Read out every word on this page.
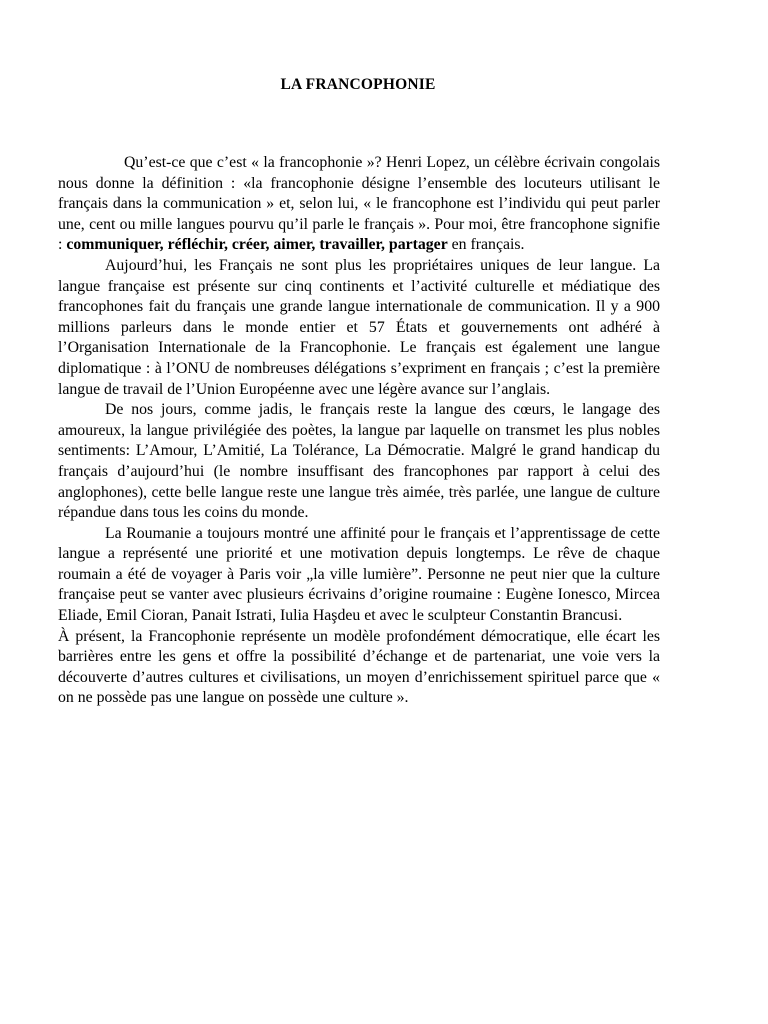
LA FRANCOPHONIE

Qu’est-ce que c’est « la francophonie »? Henri Lopez, un célèbre écrivain congolais nous donne la définition : «la francophonie désigne l’ensemble des locuteurs utilisant le français dans la communication » et, selon lui, « le francophone est l’individu qui peut parler une, cent ou mille langues pourvu qu’il parle le français ». Pour moi, être francophone signifie : communiquer, réfléchir, créer, aimer, travailler, partager en français.

Aujourd’hui, les Français ne sont plus les propriétaires uniques de leur langue. La langue française est présente sur cinq continents et l’activité culturelle et médiatique des francophones fait du français une grande langue internationale de communication. Il y a 900 millions parleurs dans le monde entier et 57 États et gouvernements ont adhéré à l’Organisation Internationale de la Francophonie. Le français est également une langue diplomatique : à l’ONU de nombreuses délégations s’expriment en français ; c’est la première langue de travail de l’Union Européenne avec une légère avance sur l’anglais.

De nos jours, comme jadis, le français reste la langue des cœurs, le langage des amoureux, la langue privilégiée des poètes, la langue par laquelle on transmet les plus nobles sentiments: L’Amour, L’Amitié, La Tolérance, La Démocratie. Malgré le grand handicap du français d’aujourd’hui (le nombre insuffisant des francophones par rapport à celui des anglophones), cette belle langue reste une langue très aimée, très parlée, une langue de culture répandue dans tous les coins du monde.

La Roumanie a toujours montré une affinité pour le français et l’apprentissage de cette langue a représenté une priorité et une motivation depuis longtemps. Le rêve de chaque roumain a été de voyager à Paris voir „la ville lumière”. Personne ne peut nier que la culture française peut se vanter avec plusieurs écrivains d’origine roumaine : Eugène Ionesco, Mircea Eliade, Emil Cioran, Panait Istrati, Iulia Haşdeu et avec le sculpteur Constantin Brancusi.

À présent, la Francophonie représente un modèle profondément démocratique, elle écart les barrières entre les gens et offre la possibilité d’échange et de partenariat, une voie vers la découverte d’autres cultures et civilisations, un moyen d’enrichissement spirituel parce que « on ne possède pas une langue on possède une culture ».
